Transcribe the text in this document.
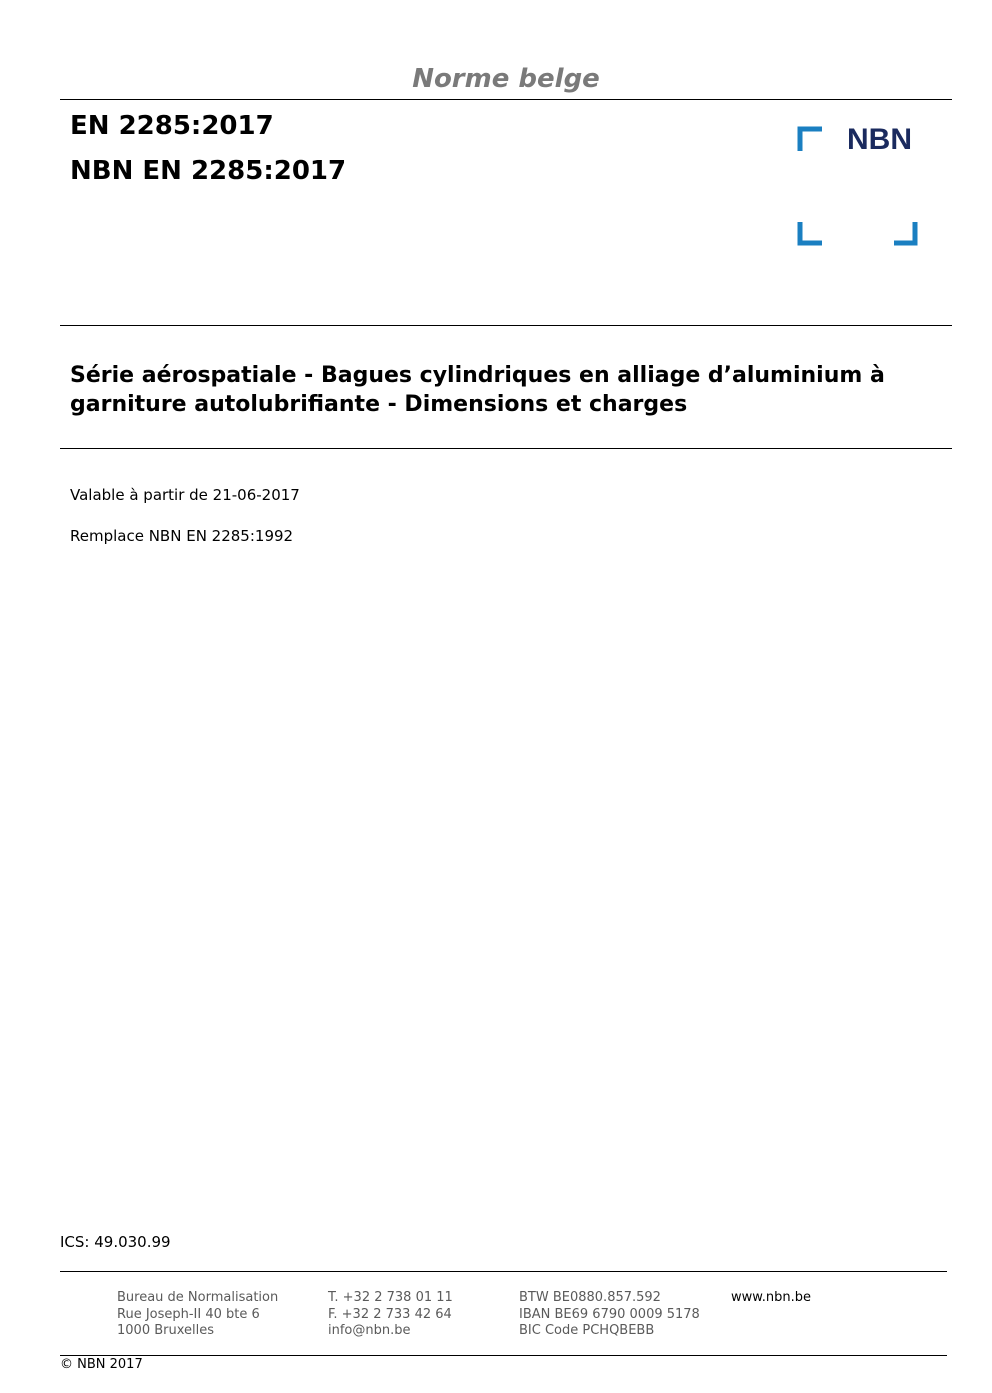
Norme belge
EN 2285:2017
NBN EN 2285:2017
NBN
Série aérospatiale - Bagues cylindriques en alliage d’aluminium à garniture autolubrifiante - Dimensions et charges
Valable à partir de 21-06-2017
Remplace NBN EN 2285:1992
ICS: 49.030.99
Bureau de Normalisation
Rue Joseph-II 40 bte 6
1000 Bruxelles
T. +32 2 738 01 11
F. +32 2 733 42 64
info@nbn.be
BTW BE0880.857.592
IBAN BE69 6790 0009 5178
BIC Code PCHQBEBB
www.nbn.be
© NBN 2017
